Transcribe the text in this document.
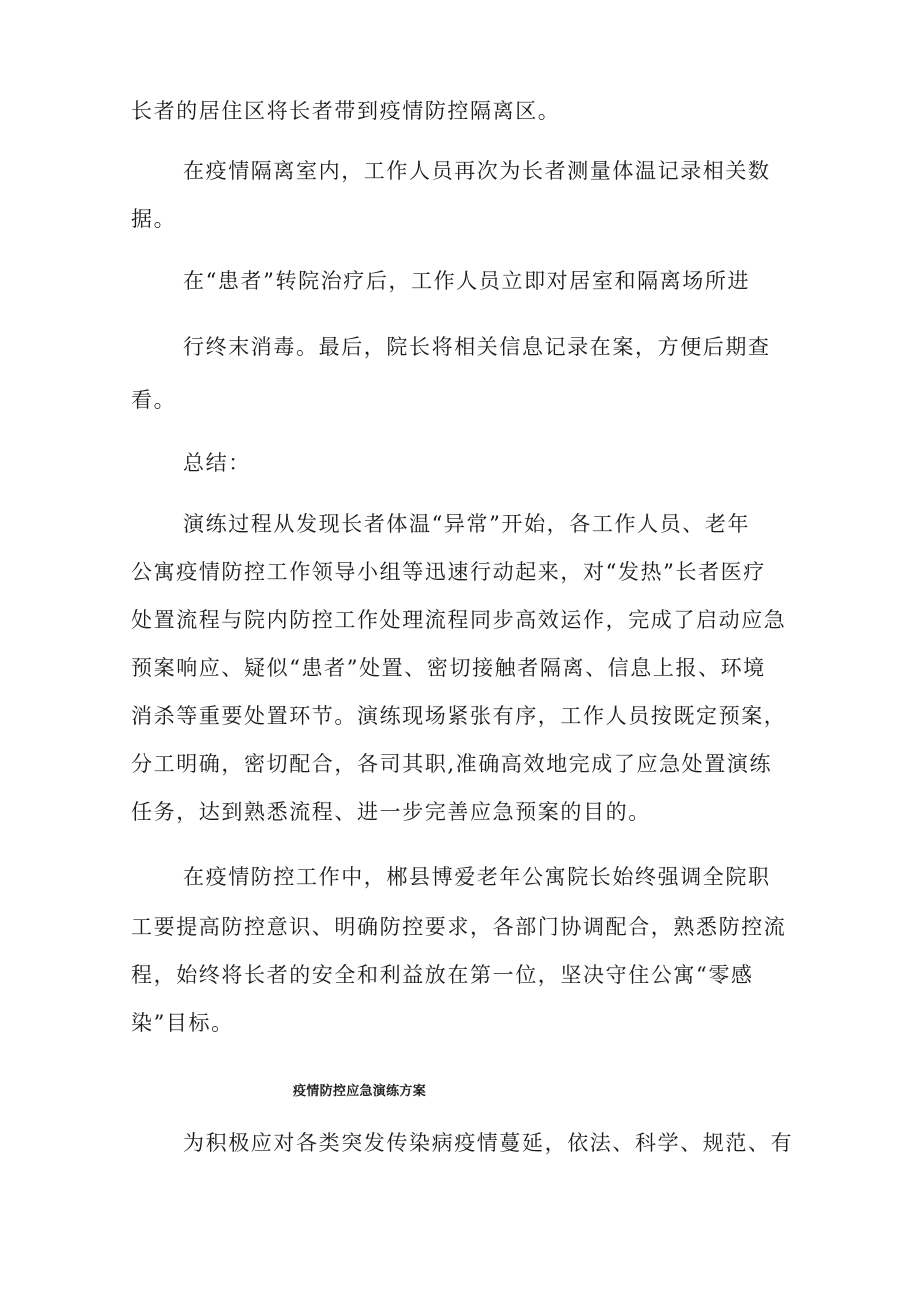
长者的居住区将长者带到疫情防控隔离区。
在疫情隔离室内，工作人员再次为长者测量体温记录相关数
据。
在“患者”转院治疗后，工作人员立即对居室和隔离场所进
行终末消毒。最后，院长将相关信息记录在案，方便后期查
看。
总结：
演练过程从发现长者体温“异常”开始，各工作人员、老年
公寓疫情防控工作领导小组等迅速行动起来，对“发热”长者医疗
处置流程与院内防控工作处理流程同步高效运作，完成了启动应急
预案响应、疑似“患者”处置、密切接触者隔离、信息上报、环境
消杀等重要处置环节。演练现场紧张有序，工作人员按既定预案，
分工明确，密切配合，各司其职,准确高效地完成了应急处置演练
任务，达到熟悉流程、进一步完善应急预案的目的。
在疫情防控工作中，郴县博爱老年公寓院长始终强调全院职
工要提高防控意识、明确防控要求，各部门协调配合，熟悉防控流
程，始终将长者的安全和利益放在第一位，坚决守住公寓“零感
染”目标。
疫情防控应急演练方案
为积极应对各类突发传染病疫情蔓延，依法、科学、规范、有
